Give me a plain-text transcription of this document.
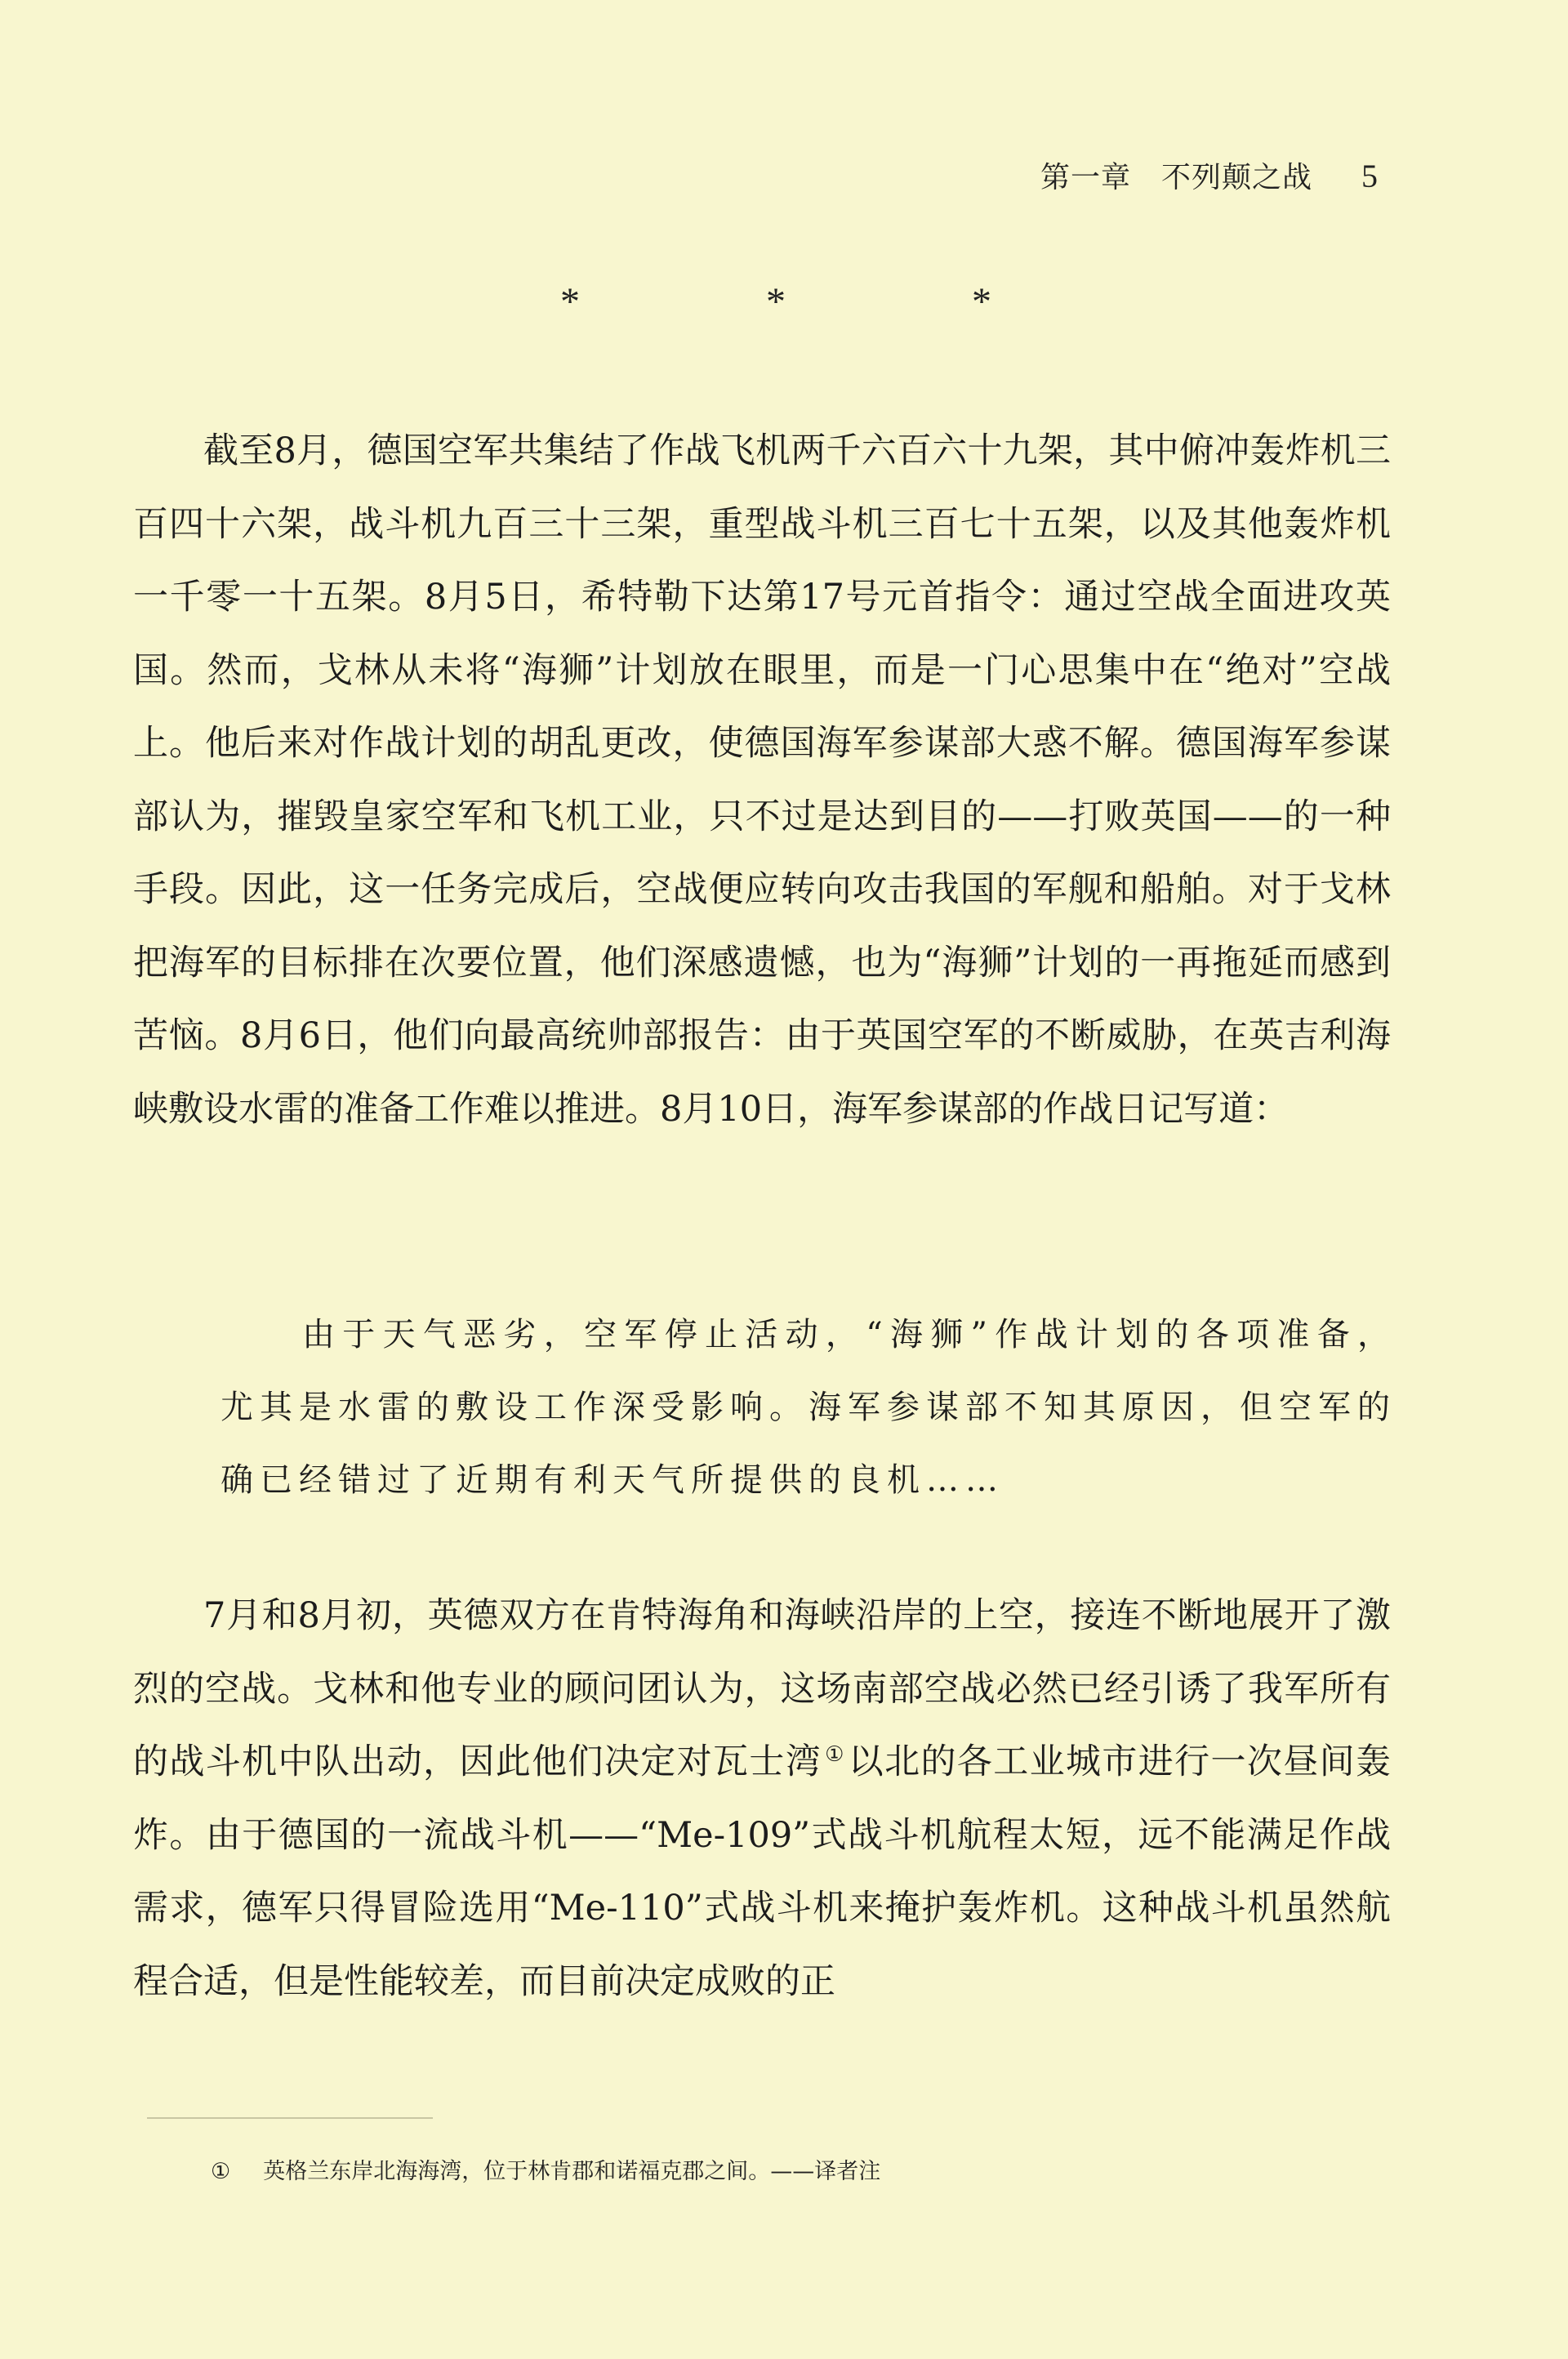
第一章　不列颠之战 5
*　*　*

截至8月，德国空军共集结了作战飞机两千六百六十九架，其中俯冲轰炸机三百四十六架，战斗机九百三十三架，重型战斗机三百七十五架，以及其他轰炸机一千零一十五架。8月5日，希特勒下达第17号元首指令：通过空战全面进攻英国。然而，戈林从未将“海狮”计划放在眼里，而是一门心思集中在“绝对”空战上。他后来对作战计划的胡乱更改，使德国海军参谋部大惑不解。德国海军参谋部认为，摧毁皇家空军和飞机工业，只不过是达到目的——打败英国——的一种手段。因此，这一任务完成后，空战便应转向攻击我国的军舰和船舶。对于戈林把海军的目标排在次要位置，他们深感遗憾，也为“海狮”计划的一再拖延而感到苦恼。8月6日，他们向最高统帅部报告：由于英国空军的不断威胁，在英吉利海峡敷设水雷的准备工作难以推进。8月10日，海军参谋部的作战日记写道：

由于天气恶劣，空军停止活动，“海狮”作战计划的各项准备，尤其是水雷的敷设工作深受影响。海军参谋部不知其原因，但空军的确已经错过了近期有利天气所提供的良机……

7月和8月初，英德双方在肯特海角和海峡沿岸的上空，接连不断地展开了激烈的空战。戈林和他专业的顾问团认为，这场南部空战必然已经引诱了我军所有的战斗机中队出动，因此他们决定对瓦士湾 ①以北的各工业城市进行一次昼间轰炸。由于德国的一流战斗机——“Me-109”式战斗机航程太短，远不能满足作战需求，德军只得冒险选用“Me-110”式战斗机来掩护轰炸机。这种战斗机虽然航程合适，但是性能较差，而目前决定成败的正

① 英格兰东岸北海海湾，位于林肯郡和诺福克郡之间。——译者注
